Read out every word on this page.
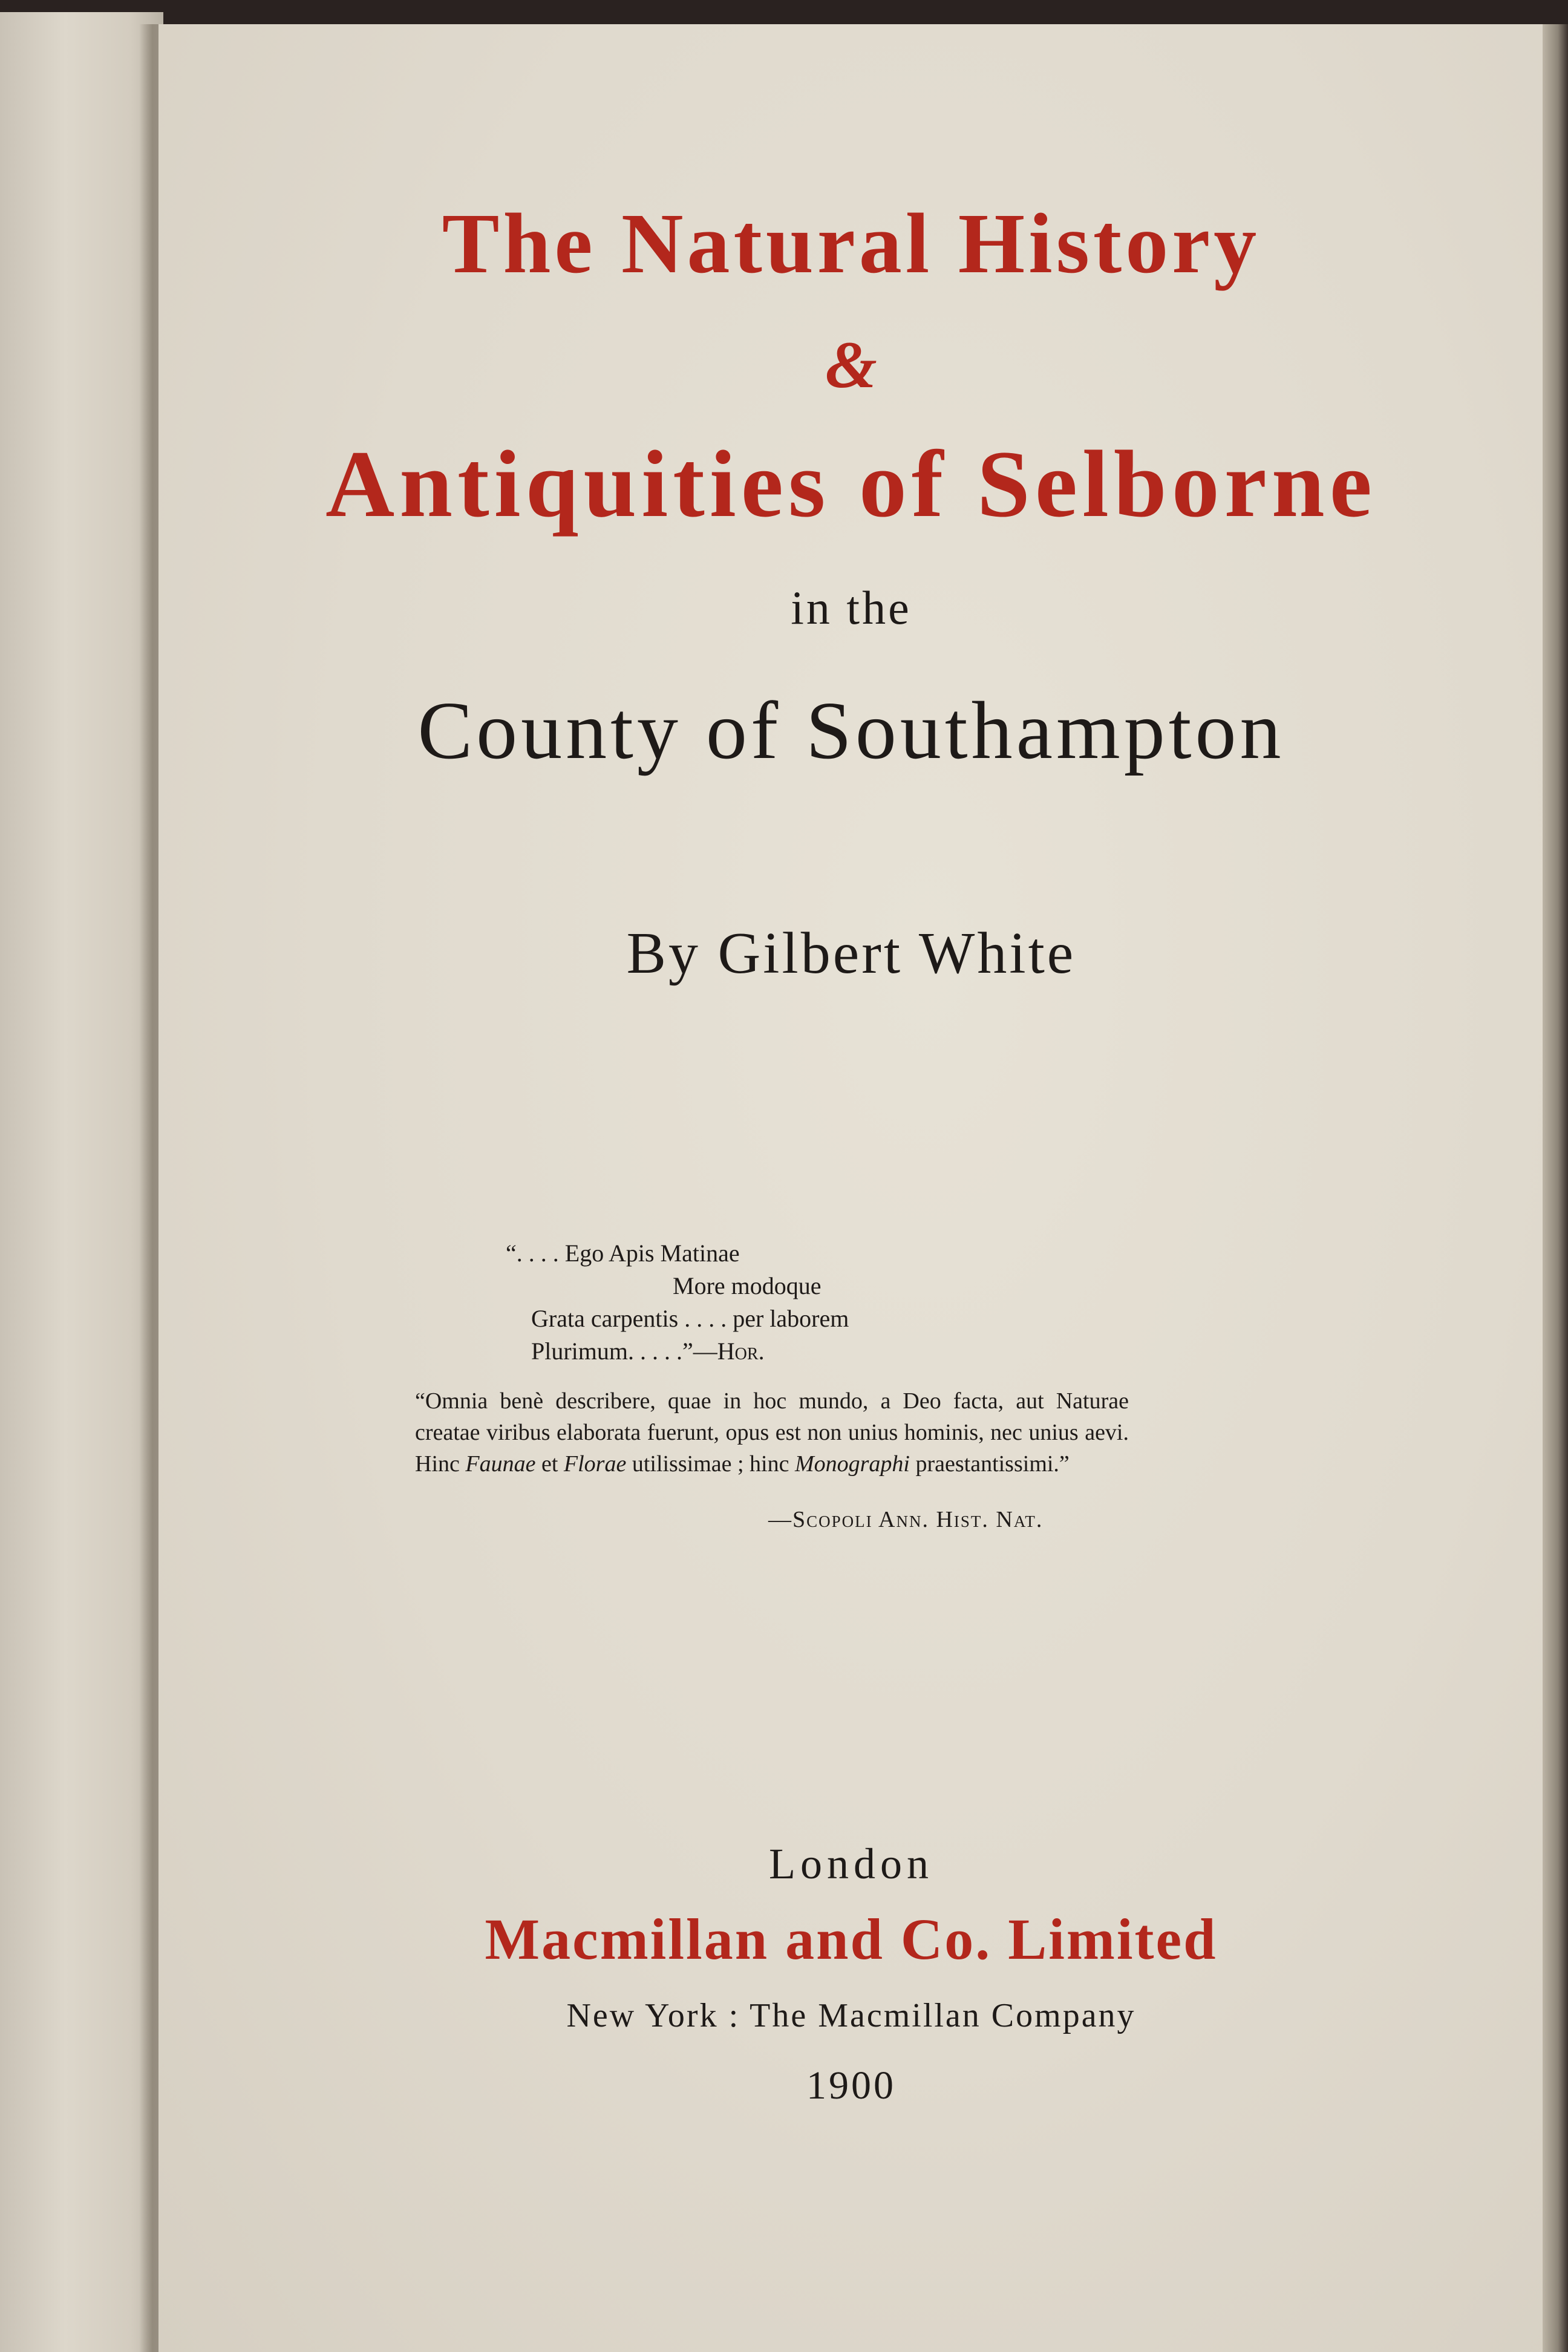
The Natural History

&

Antiquities of Selborne

in the

County of Southampton

By Gilbert White

“. . . . Ego Apis Matinae

More modoque

Grata carpentis . . . . per laborem

Plurimum. . . . .”—Hor.

“Omnia benè describere, quae in hoc mundo, a Deo facta, aut Naturae creatae viribus elaborata fuerunt, opus est non unius hominis, nec unius aevi. Hinc Faunae et Florae utilissimae ; hinc Monographi praestantissimi.”

—Scopoli Ann. Hist. Nat.

London

Macmillan and Co. Limited

New York : The Macmillan Company

1900
